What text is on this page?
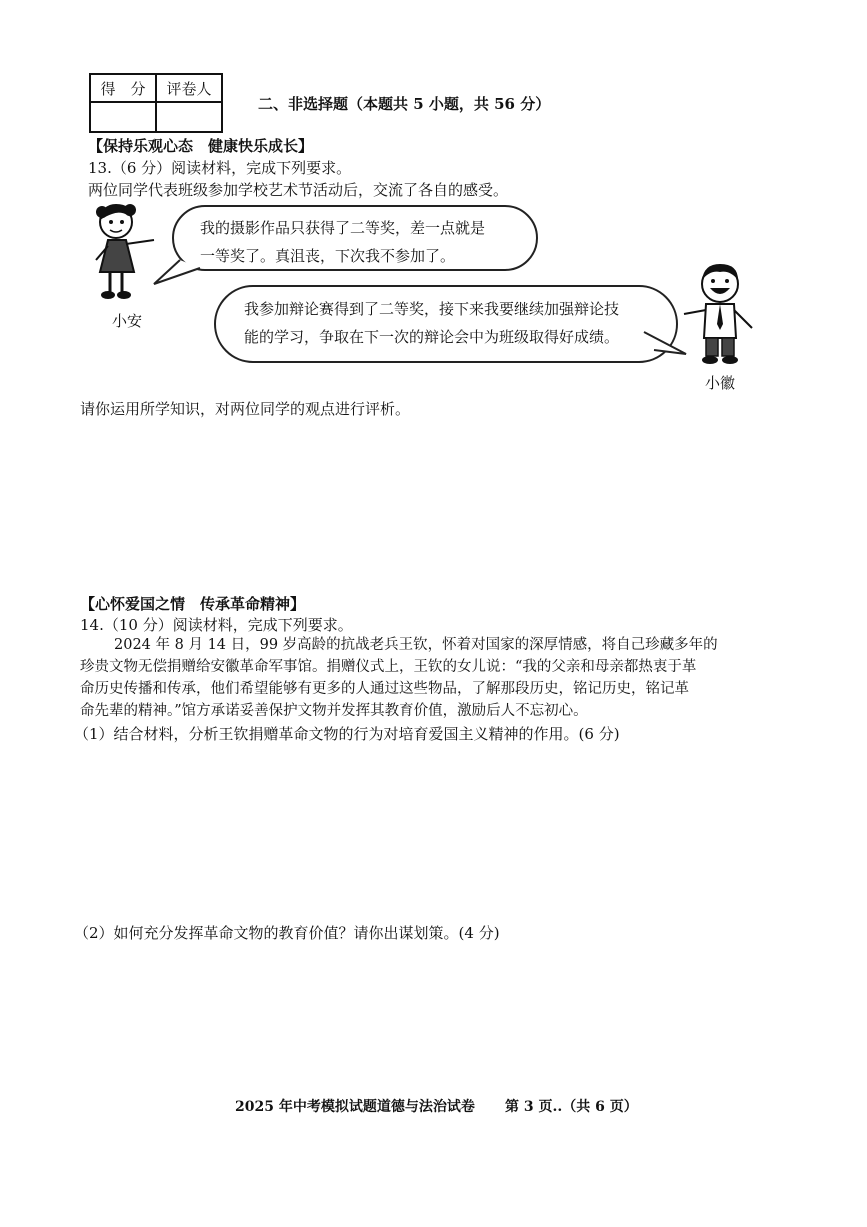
得　分	评卷人

二、非选择题（本题共 5 小题，共 56 分）
【保持乐观心态　健康快乐成长】
13.（6 分）阅读材料，完成下列要求。
两位同学代表班级参加学校艺术节活动后，交流了各自的感受。
小安
我的摄影作品只获得了二等奖，差一点就是
一等奖了。真沮丧，下次我不参加了。
我参加辩论赛得到了二等奖，接下来我要继续加强辩论技
能的学习，争取在下一次的辩论会中为班级取得好成绩。
小徽
请你运用所学知识，对两位同学的观点进行评析。
【心怀爱国之情　传承革命精神】
14.（10 分）阅读材料，完成下列要求。
2024 年 8 月 14 日，99 岁高龄的抗战老兵王钦，怀着对国家的深厚情感，将自己珍藏多年的
珍贵文物无偿捐赠给安徽革命军事馆。捐赠仪式上，王钦的女儿说：“我的父亲和母亲都热衷于革
命历史传播和传承，他们希望能够有更多的人通过这些物品，了解那段历史，铭记历史，铭记革
命先辈的精神。”馆方承诺妥善保护文物并发挥其教育价值，激励后人不忘初心。
（1）结合材料，分析王钦捐赠革命文物的行为对培育爱国主义精神的作用。(6 分)
（2）如何充分发挥革命文物的教育价值？请你出谋划策。(4 分)
2025 年中考模拟试题道德与法治试卷 第 3 页..（共 6 页）
